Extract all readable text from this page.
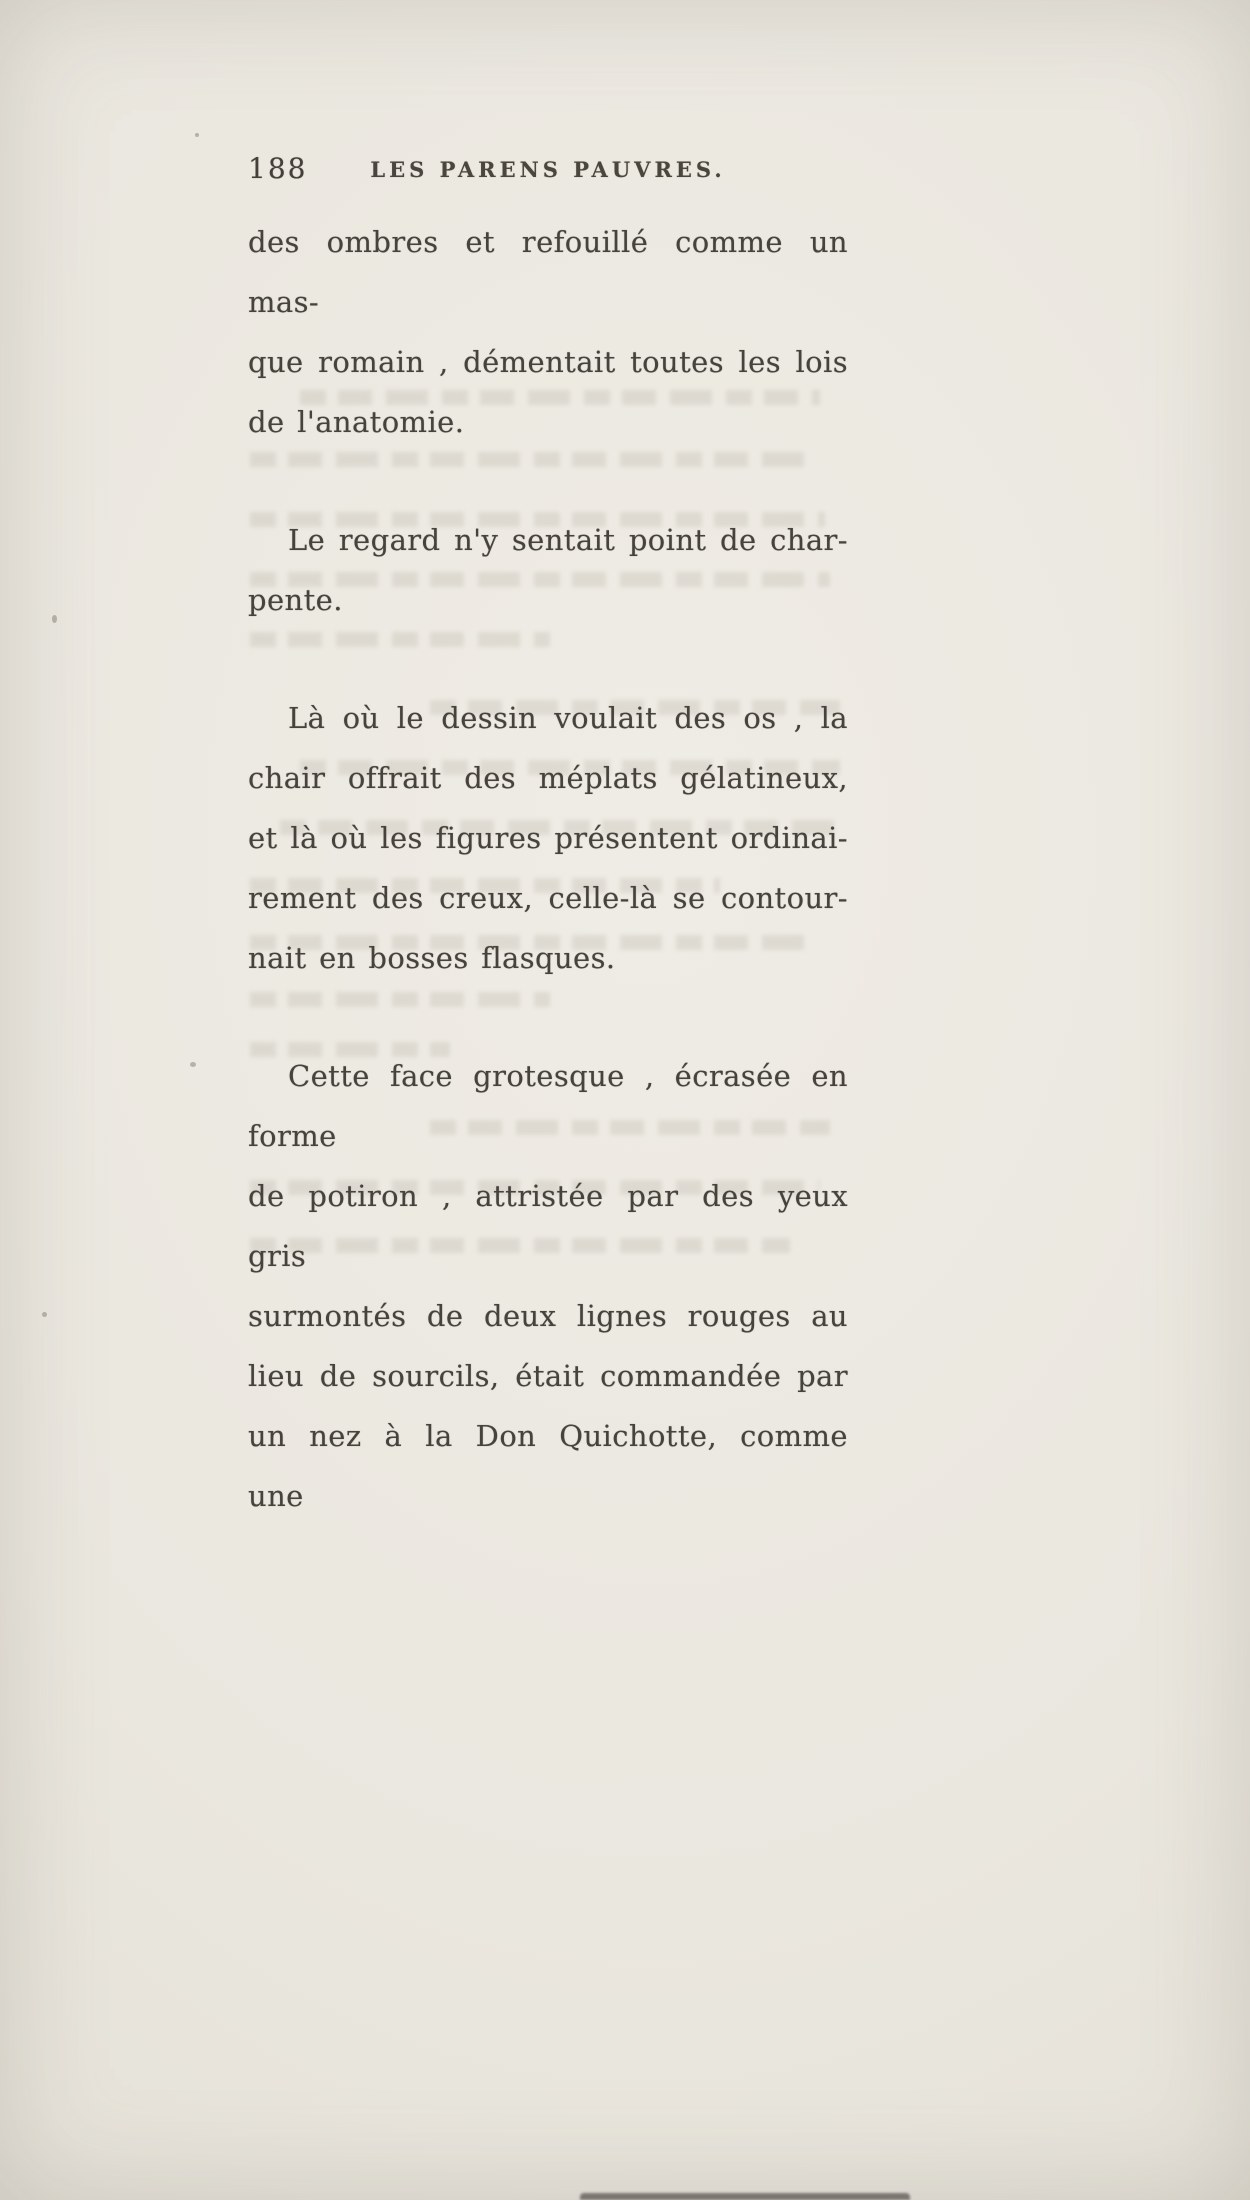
188	LES PARENS PAUVRES.

des ombres et refouillé comme un mas-
que romain , démentait toutes les lois
de l'anatomie.

Le regard n'y sentait point de char-
pente.

Là où le dessin voulait des os , la
chair offrait des méplats gélatineux,
et là où les figures présentent ordinai-
rement des creux, celle-là se contour-
nait en bosses flasques.

Cette face grotesque , écrasée en forme
de potiron , attristée par des yeux gris
surmontés de deux lignes rouges au
lieu de sourcils, était commandée par
un nez à la Don Quichotte, comme une
